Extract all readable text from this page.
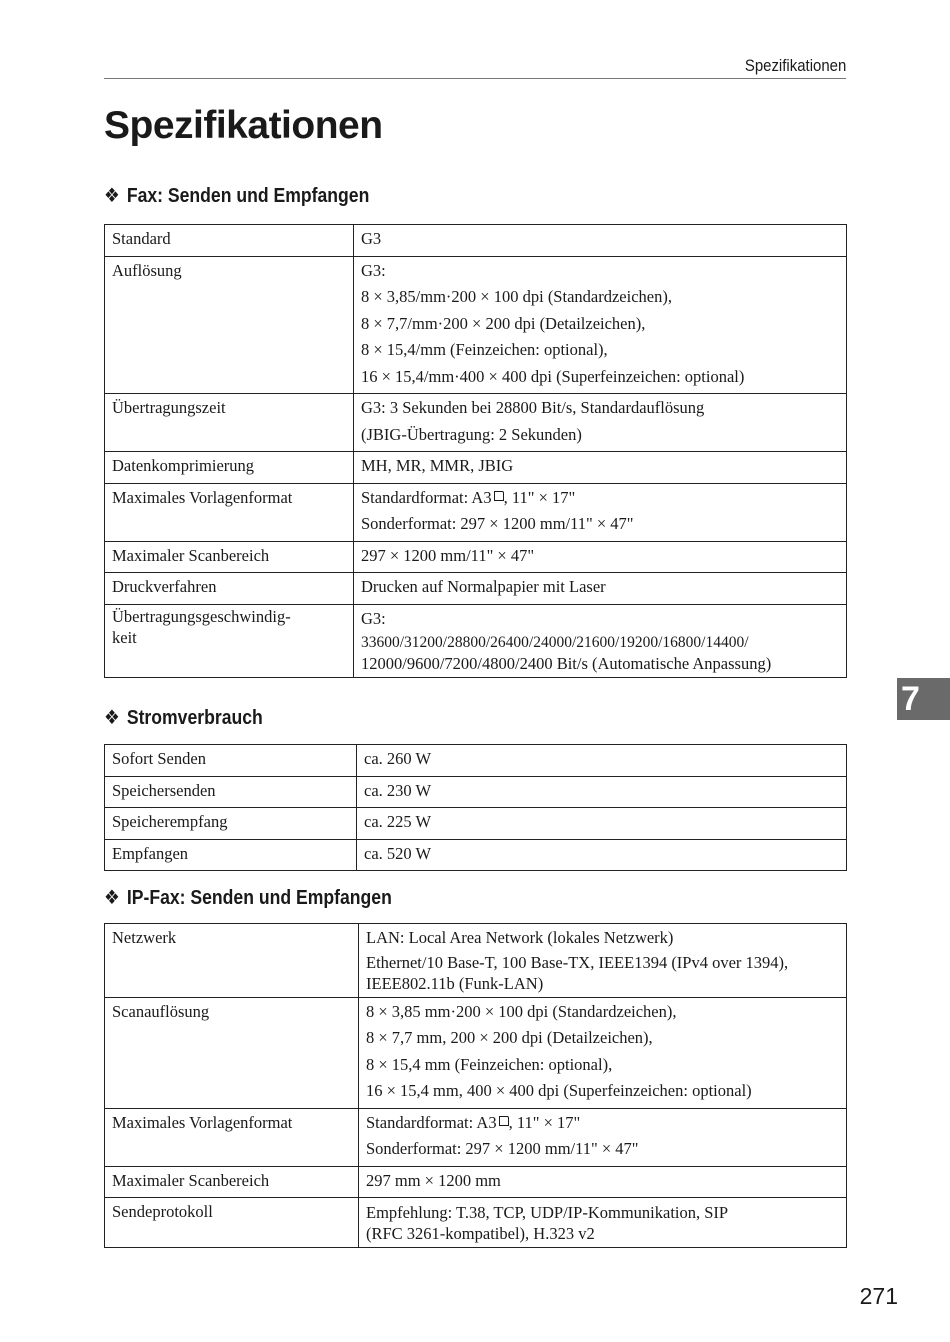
Spezifikationen
Spezifikationen
❖ Fax: Senden und Empfangen
Standard	G3

Auflösung	G3:
8 × 3,85/mm·200 × 100 dpi (Standardzeichen),
8 × 7,7/mm·200 × 200 dpi (Detailzeichen),
8 × 15,4/mm (Feinzeichen: optional),
16 × 15,4/mm·400 × 400 dpi (Superfeinzeichen: optional)

Übertragungszeit	G3: 3 Sekunden bei 28800 Bit/s, Standardauflösung
(JBIG-Übertragung: 2 Sekunden)

Datenkomprimierung	MH, MR, MMR, JBIG

Maximales Vorlagenformat	Standardformat: A3 , 11" × 17"
Sonderformat: 297 × 1200 mm/11" × 47"

Maximaler Scanbereich	297 × 1200 mm/11" × 47"

Druckverfahren	Drucken auf Normalpapier mit Laser

Übertragungsgeschwindig-
keit	G3:
33600/31200/28800/26400/24000/21600/19200/16800/14400/
12000/9600/7200/4800/2400 Bit/s (Automatische Anpassung)
❖ Stromverbrauch
Sofort Senden	ca. 260 W

Speichersenden	ca. 230 W

Speicherempfang	ca. 225 W

Empfangen	ca. 520 W
❖ IP-Fax: Senden und Empfangen
Netzwerk	LAN: Local Area Network (lokales Netzwerk)
Ethernet/10 Base-T, 100 Base-TX, IEEE1394 (IPv4 over 1394),
IEEE802.11b (Funk-LAN)

Scanauflösung	8 × 3,85 mm·200 × 100 dpi (Standardzeichen),
8 × 7,7 mm, 200 × 200 dpi (Detailzeichen),
8 × 15,4 mm (Feinzeichen: optional),
16 × 15,4 mm, 400 × 400 dpi (Superfeinzeichen: optional)

Maximales Vorlagenformat	Standardformat: A3 , 11" × 17"
Sonderformat: 297 × 1200 mm/11" × 47"

Maximaler Scanbereich	297 mm × 1200 mm

Sendeprotokoll	Empfehlung: T.38, TCP, UDP/IP-Kommunikation, SIP
(RFC 3261-kompatibel), H.323 v2
7
271
